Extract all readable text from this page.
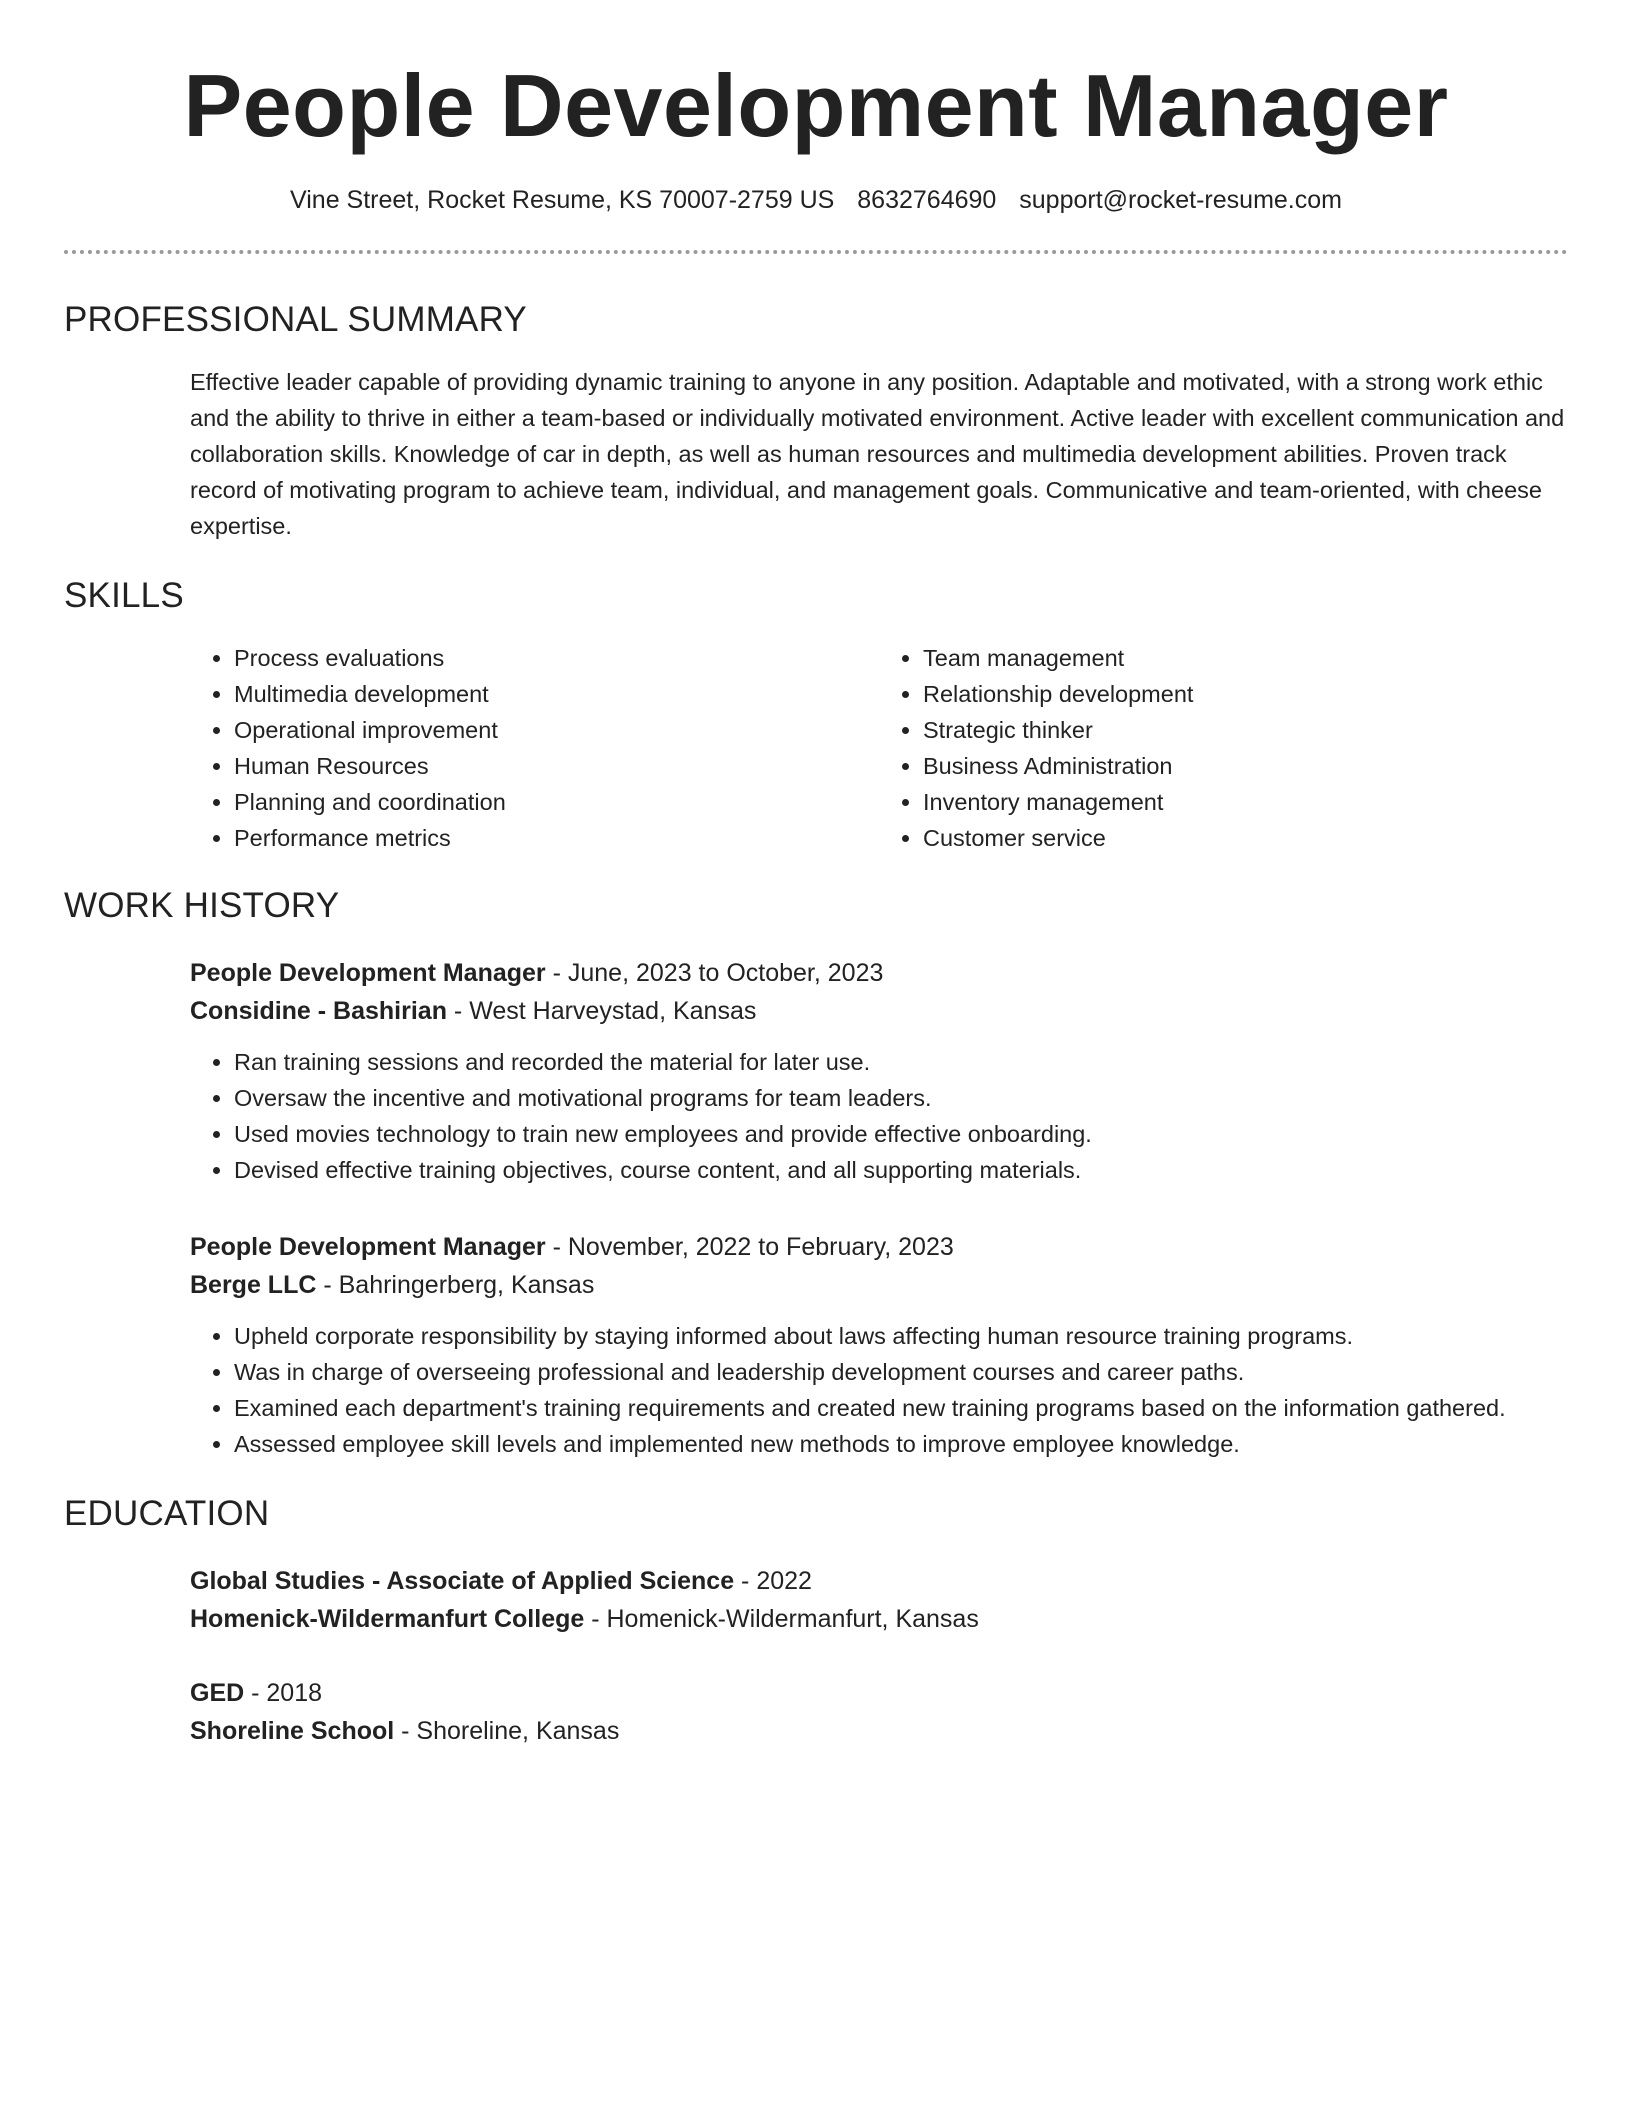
People Development Manager
Vine Street, Rocket Resume, KS 70007-2759 US 8632764690 support@rocket-resume.com
PROFESSIONAL SUMMARY
Effective leader capable of providing dynamic training to anyone in any position. Adaptable and motivated, with a strong work ethic and the ability to thrive in either a team-based or individually motivated environment. Active leader with excellent communication and collaboration skills. Knowledge of car in depth, as well as human resources and multimedia development abilities. Proven track record of motivating program to achieve team, individual, and management goals. Communicative and team-oriented, with cheese expertise.
SKILLS
• Process evaluations
• Multimedia development
• Operational improvement
• Human Resources
• Planning and coordination
• Performance metrics
• Team management
• Relationship development
• Strategic thinker
• Business Administration
• Inventory management
• Customer service
WORK HISTORY
People Development Manager - June, 2023 to October, 2023
Considine - Bashirian - West Harveystad, Kansas
• Ran training sessions and recorded the material for later use.
• Oversaw the incentive and motivational programs for team leaders.
• Used movies technology to train new employees and provide effective onboarding.
• Devised effective training objectives, course content, and all supporting materials.
People Development Manager - November, 2022 to February, 2023
Berge LLC - Bahringerberg, Kansas
• Upheld corporate responsibility by staying informed about laws affecting human resource training programs.
• Was in charge of overseeing professional and leadership development courses and career paths.
• Examined each department's training requirements and created new training programs based on the information gathered.
• Assessed employee skill levels and implemented new methods to improve employee knowledge.
EDUCATION
Global Studies - Associate of Applied Science - 2022
Homenick-Wildermanfurt College - Homenick-Wildermanfurt, Kansas
GED - 2018
Shoreline School - Shoreline, Kansas
